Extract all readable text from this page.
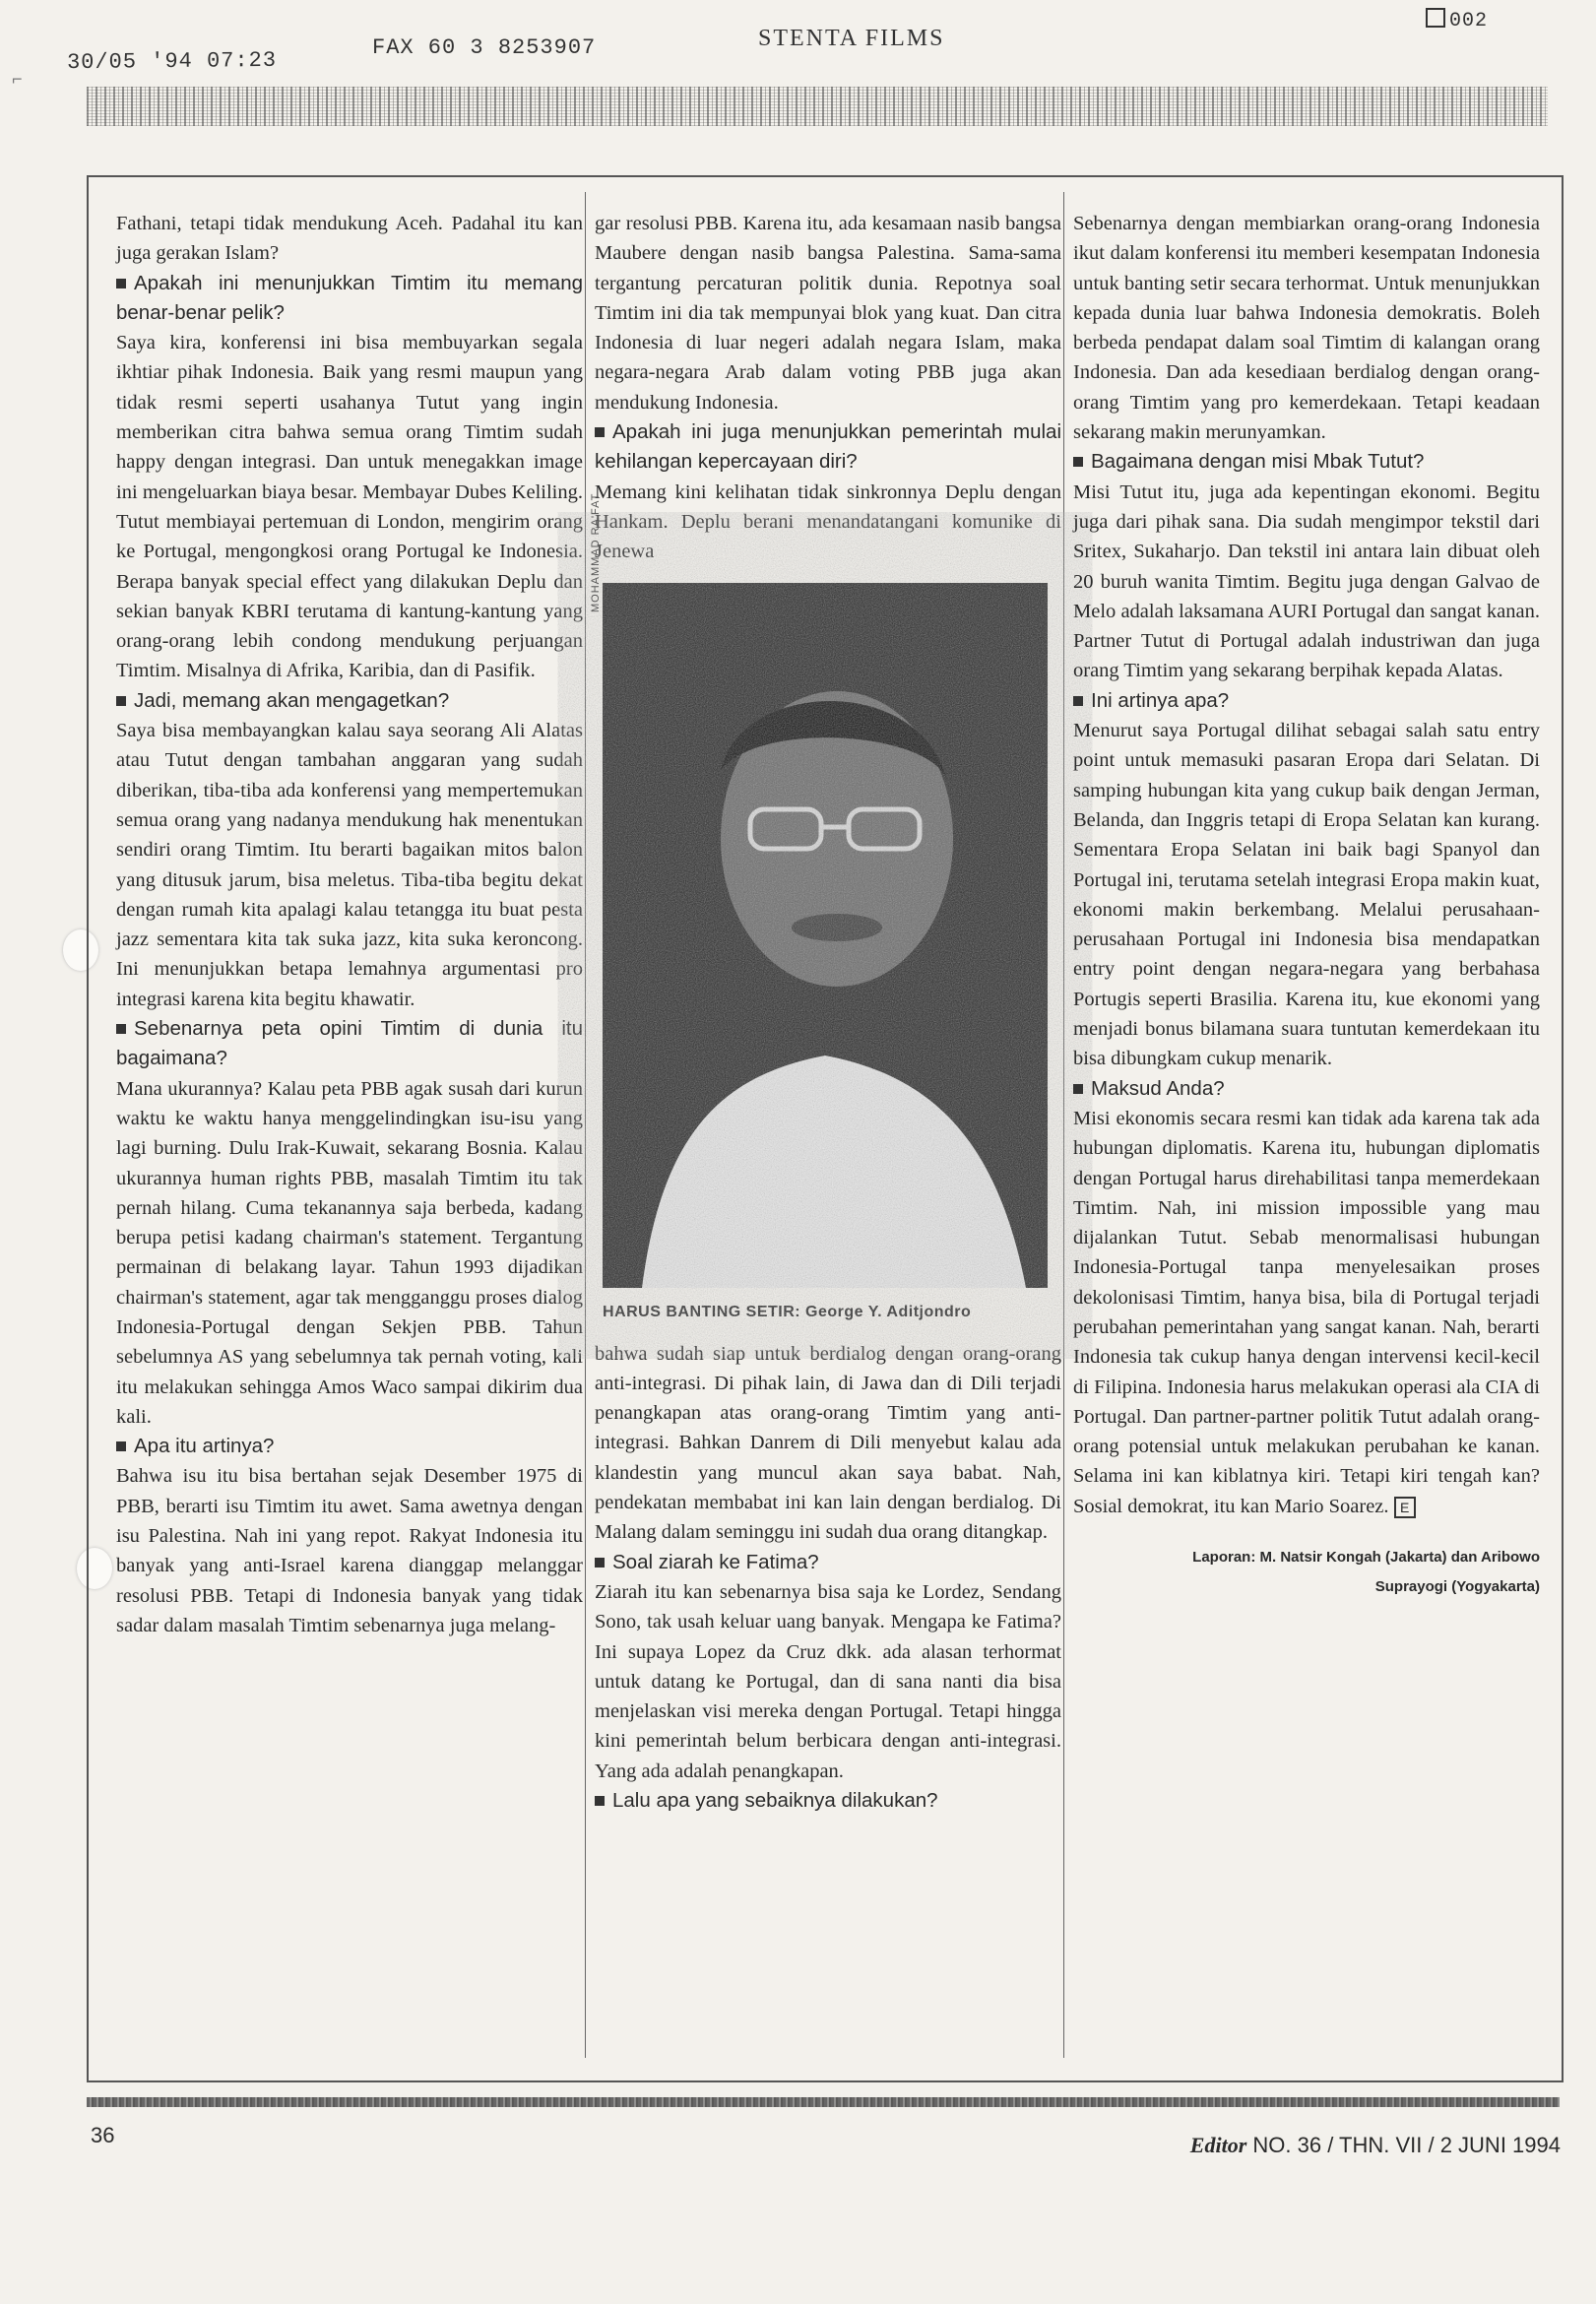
30/05 '94 07:23
FAX 60 3 8253907	STENTA FILMS
002
⌐

Fathani, tetapi tidak mendukung Aceh. Padahal itu kan juga gerakan Islam?

Apakah ini menunjukkan Timtim itu memang benar-benar pelik?

Saya kira, konferensi ini bisa membuyarkan segala ikhtiar pihak Indonesia. Baik yang resmi maupun yang tidak resmi seperti usahanya Tutut yang ingin memberikan citra bahwa semua orang Timtim sudah happy dengan integrasi. Dan untuk menegakkan image ini mengeluarkan biaya besar. Membayar Dubes Keliling. Tutut membiayai pertemuan di London, mengirim orang ke Portugal, mengongkosi orang Portugal ke Indonesia. Berapa banyak special effect yang dilakukan Deplu dan sekian banyak KBRI terutama di kantung-kantung yang orang-orang lebih condong mendukung perjuangan Timtim. Misalnya di Afrika, Karibia, dan di Pasifik.

Jadi, memang akan mengagetkan?

Saya bisa membayangkan kalau saya seorang Ali Alatas atau Tutut dengan tambahan anggaran yang sudah diberikan, tiba-tiba ada konferensi yang mempertemukan semua orang yang nadanya mendukung hak menentukan sendiri orang Timtim. Itu berarti bagaikan mitos balon yang ditusuk jarum, bisa meletus. Tiba-tiba begitu dekat dengan rumah kita apalagi kalau tetangga itu buat pesta jazz sementara kita tak suka jazz, kita suka keroncong. Ini menunjukkan betapa lemahnya argumentasi pro integrasi karena kita begitu khawatir.

Sebenarnya peta opini Timtim di dunia itu bagaimana?

Mana ukurannya? Kalau peta PBB agak susah dari kurun waktu ke waktu hanya menggelindingkan isu-isu yang lagi burning. Dulu Irak-Kuwait, sekarang Bosnia. Kalau ukurannya human rights PBB, masalah Timtim itu tak pernah hilang. Cuma tekanannya saja berbeda, kadang berupa petisi kadang chairman's statement. Tergantung permainan di belakang layar. Tahun 1993 dijadikan chairman's statement, agar tak mengganggu proses dialog Indonesia-Portugal dengan Sekjen PBB. Tahun sebelumnya AS yang sebelumnya tak pernah voting, kali itu melakukan sehingga Amos Waco sampai dikirim dua kali.

Apa itu artinya?

Bahwa isu itu bisa bertahan sejak Desember 1975 di PBB, berarti isu Timtim itu awet. Sama awetnya dengan isu Palestina. Nah ini yang repot. Rakyat Indonesia itu banyak yang anti-Israel karena dianggap melanggar resolusi PBB. Tetapi di Indonesia banyak yang tidak sadar dalam masalah Timtim sebenarnya juga melang-

gar resolusi PBB. Karena itu, ada kesamaan nasib bangsa Maubere dengan nasib bangsa Palestina. Sama-sama tergantung percaturan politik dunia. Repotnya soal Timtim ini dia tak mempunyai blok yang kuat. Dan citra Indonesia di luar negeri adalah negara Islam, maka negara-negara Arab dalam voting PBB juga akan mendukung Indonesia.

Apakah ini juga menunjukkan pemerintah mulai kehilangan kepercayaan diri?

Memang kini kelihatan tidak sinkronnya Deplu dengan Hankam. Deplu berani menandatangani komunike di Jenewa

MOHAMMAD RA'FAT
HARUS BANTING SETIR: George Y. Aditjondro

bahwa sudah siap untuk berdialog dengan orang-orang anti-integrasi. Di pihak lain, di Jawa dan di Dili terjadi penangkapan atas orang-orang Timtim yang anti-integrasi. Bahkan Danrem di Dili menyebut kalau ada klandestin yang muncul akan saya babat. Nah, pendekatan membabat ini kan lain dengan berdialog. Di Malang dalam seminggu ini sudah dua orang ditangkap.

Soal ziarah ke Fatima?

Ziarah itu kan sebenarnya bisa saja ke Lordez, Sendang Sono, tak usah keluar uang banyak. Mengapa ke Fatima? Ini supaya Lopez da Cruz dkk. ada alasan terhormat untuk datang ke Portugal, dan di sana nanti dia bisa menjelaskan visi mereka dengan Portugal. Tetapi hingga kini pemerintah belum berbicara dengan anti-integrasi. Yang ada adalah penangkapan.

Lalu apa yang sebaiknya dilakukan?

Sebenarnya dengan membiarkan orang-orang Indonesia ikut dalam konferensi itu memberi kesempatan Indonesia untuk banting setir secara terhormat. Untuk menunjukkan kepada dunia luar bahwa Indonesia demokratis. Boleh berbeda pendapat dalam soal Timtim di kalangan orang Indonesia. Dan ada kesediaan berdialog dengan orang-orang Timtim yang pro kemerdekaan. Tetapi keadaan sekarang makin merunyamkan.

Bagaimana dengan misi Mbak Tutut?

Misi Tutut itu, juga ada kepentingan ekonomi. Begitu juga dari pihak sana. Dia sudah mengimpor tekstil dari Sritex, Sukaharjo. Dan tekstil ini antara lain dibuat oleh 20 buruh wanita Timtim. Begitu juga dengan Galvao de Melo adalah laksamana AURI Portugal dan sangat kanan. Partner Tutut di Portugal adalah industriwan dan juga orang Timtim yang sekarang berpihak kepada Alatas.

Ini artinya apa?

Menurut saya Portugal dilihat sebagai salah satu entry point untuk memasuki pasaran Eropa dari Selatan. Di samping hubungan kita yang cukup baik dengan Jerman, Belanda, dan Inggris tetapi di Eropa Selatan kan kurang. Sementara Eropa Selatan ini baik bagi Spanyol dan Portugal ini, terutama setelah integrasi Eropa makin kuat, ekonomi makin berkembang. Melalui perusahaan-perusahaan Portugal ini Indonesia bisa mendapatkan entry point dengan negara-negara yang berbahasa Portugis seperti Brasilia. Karena itu, kue ekonomi yang menjadi bonus bilamana suara tuntutan kemerdekaan itu bisa dibungkam cukup menarik.

Maksud Anda?

Misi ekonomis secara resmi kan tidak ada karena tak ada hubungan diplomatis. Karena itu, hubungan diplomatis dengan Portugal harus direhabilitasi tanpa memerdekaan Timtim. Nah, ini mission impossible yang mau dijalankan Tutut. Sebab menormalisasi hubungan Indonesia-Portugal tanpa menyelesaikan proses dekolonisasi Timtim, hanya bisa, bila di Portugal terjadi perubahan pemerintahan yang sangat kanan. Nah, berarti Indonesia tak cukup hanya dengan intervensi kecil-kecil di Filipina. Indonesia harus melakukan operasi ala CIA di Portugal. Dan partner-partner politik Tutut adalah orang-orang potensial untuk melakukan perubahan ke kanan. Selama ini kan kiblatnya kiri. Tetapi kiri tengah kan? Sosial demokrat, itu kan Mario Soarez. E

Laporan: M. Natsir Kongah (Jakarta) dan Aribowo
Suprayogi (Yogyakarta)
36	Editor NO. 36 / THN. VII / 2 JUNI 1994
